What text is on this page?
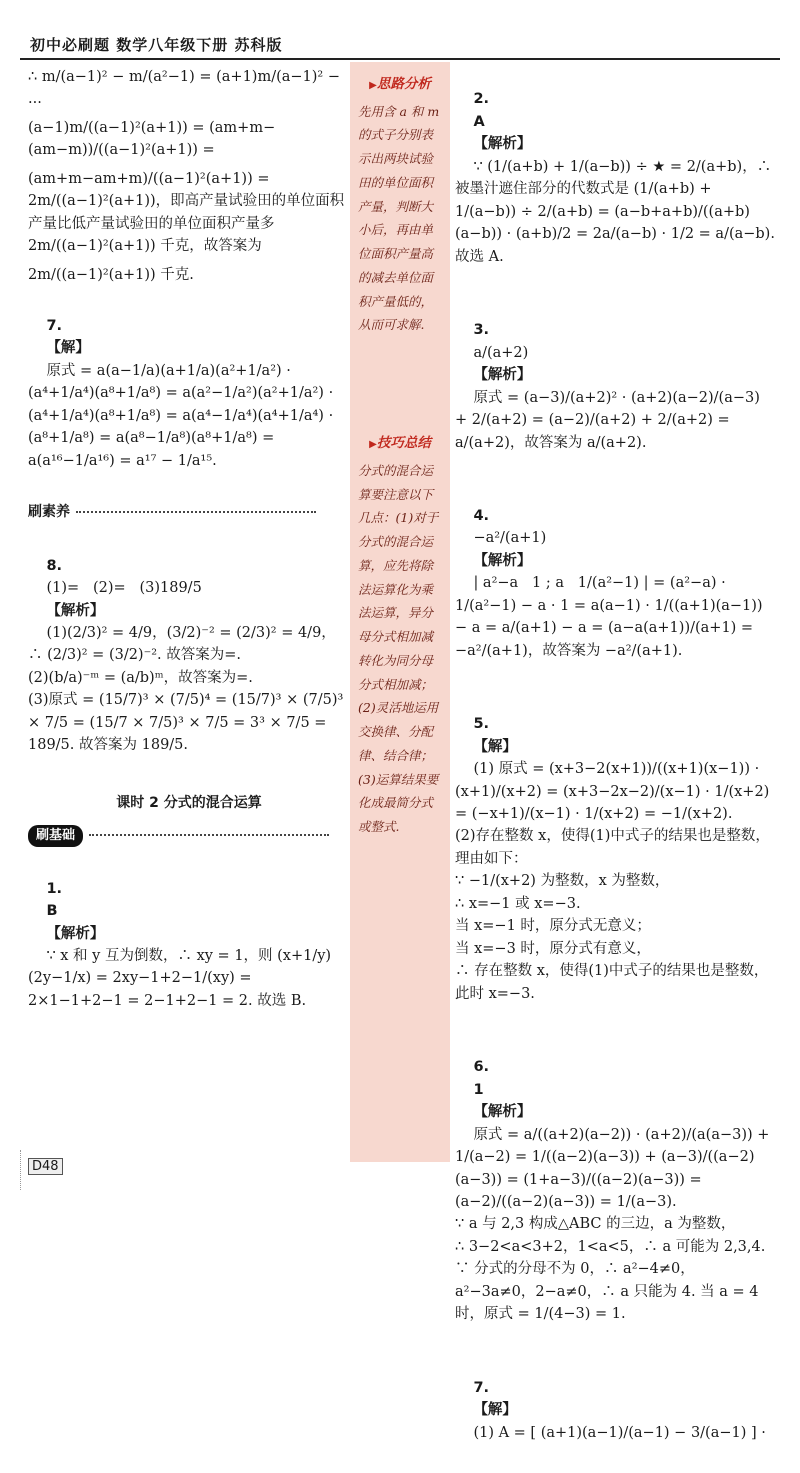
初中必刷题 数学八年级下册 苏科版
∴ m/(a−1)² − m/(a²−1) = (a+1)m/(a−1)² − ...
(a−1)m/((a−1)²(a+1)) = (am+m−(am−m))/((a−1)²(a+1)) =
(am+m−am+m)/((a−1)²(a+1)) = 2m/((a−1)²(a+1))，即高产量试验田的单位面积产量比低产量试验田的单位面积产量多 2m/((a−1)²(a+1)) 千克，故答案为
2m/((a−1)²(a+1)) 千克.

7.
【解】
原式 = a(a−1/a)(a+1/a)(a²+1/a²) · (a⁴+1/a⁴)(a⁸+1/a⁸) = a(a²−1/a²)(a²+1/a²) · (a⁴+1/a⁴)(a⁸+1/a⁸) = a(a⁴−1/a⁴)(a⁴+1/a⁴) · (a⁸+1/a⁸) = a(a⁸−1/a⁸)(a⁸+1/a⁸) = a(a¹⁶−1/a¹⁶) = a¹⁷ − 1/a¹⁵.

刷素养

8.
(1)=   (2)=   (3)189/5
【解析】
(1)(2/3)² = 4/9，(3/2)⁻² = (2/3)² = 4/9，∴ (2/3)² = (3/2)⁻². 故答案为=.
(2)(b/a)⁻ᵐ = (a/b)ᵐ，故答案为=.
(3)原式 = (15/7)³ × (7/5)⁴ = (15/7)³ × (7/5)³ × 7/5 = (15/7 × 7/5)³ × 7/5 = 3³ × 7/5 = 189/5. 故答案为 189/5.

课时 2 分式的混合运算
刷基础

1.
B
【解析】
∵ x 和 y 互为倒数，∴ xy = 1，则 (x+1/y)(2y−1/x) = 2xy−1+2−1/(xy) = 2×1−1+2−1 = 2−1+2−1 = 2. 故选 B.

▶ 思路分析
先用含 a 和 m 的式子分别表示出两块试验田的单位面积产量，判断大小后，再由单位面积产量高的减去单位面积产量低的，从而可求解.
▶ 技巧总结
分式的混合运算要注意以下几点：(1)对于分式的混合运算，应先将除法运算化为乘法运算，异分母分式相加减转化为同分母分式相加减；(2)灵活地运用交换律、分配律、结合律；(3)运算结果要化成最简分式或整式.

2.
A
【解析】
∵ (1/(a+b) + 1/(a−b)) ÷ ★ = 2/(a+b)，∴ 被墨汁遮住部分的代数式是 (1/(a+b) + 1/(a−b)) ÷ 2/(a+b) = (a−b+a+b)/((a+b)(a−b)) · (a+b)/2 = 2a/(a−b) · 1/2 = a/(a−b). 故选 A.

3.
a/(a+2)
【解析】
原式 = (a−3)/(a+2)² · (a+2)(a−2)/(a−3) + 2/(a+2) = (a−2)/(a+2) + 2/(a+2) = a/(a+2)，故答案为 a/(a+2).

4.
−a²/(a+1)
【解析】
| a²−a   1 ; a   1/(a²−1) | = (a²−a) · 1/(a²−1) − a · 1 = a(a−1) · 1/((a+1)(a−1)) − a = a/(a+1) − a = (a−a(a+1))/(a+1) = −a²/(a+1)，故答案为 −a²/(a+1).

5.
【解】
(1) 原式 = (x+3−2(x+1))/((x+1)(x−1)) · (x+1)/(x+2) = (x+3−2x−2)/(x−1) · 1/(x+2) = (−x+1)/(x−1) · 1/(x+2) = −1/(x+2).
(2)存在整数 x，使得(1)中式子的结果也是整数，理由如下：
∵ −1/(x+2) 为整数，x 为整数，
∴ x=−1 或 x=−3.
当 x=−1 时，原分式无意义；
当 x=−3 时，原分式有意义，
∴ 存在整数 x，使得(1)中式子的结果也是整数，此时 x=−3.

6.
1
【解析】
原式 = a/((a+2)(a−2)) · (a+2)/(a(a−3)) + 1/(a−2) = 1/((a−2)(a−3)) + (a−3)/((a−2)(a−3)) = (1+a−3)/((a−2)(a−3)) = (a−2)/((a−2)(a−3)) = 1/(a−3).
∵ a 与 2,3 构成△ABC 的三边，a 为整数，
∴ 3−2<a<3+2，1<a<5，∴ a 可能为 2,3,4.
∵ 分式的分母不为 0，∴ a²−4≠0，a²−3a≠0，2−a≠0，∴ a 只能为 4. 当 a = 4 时，原式 = 1/(4−3) = 1.

7.
【解】
(1) A = [ (a+1)(a−1)/(a−1) − 3/(a−1) ] ·

D48
